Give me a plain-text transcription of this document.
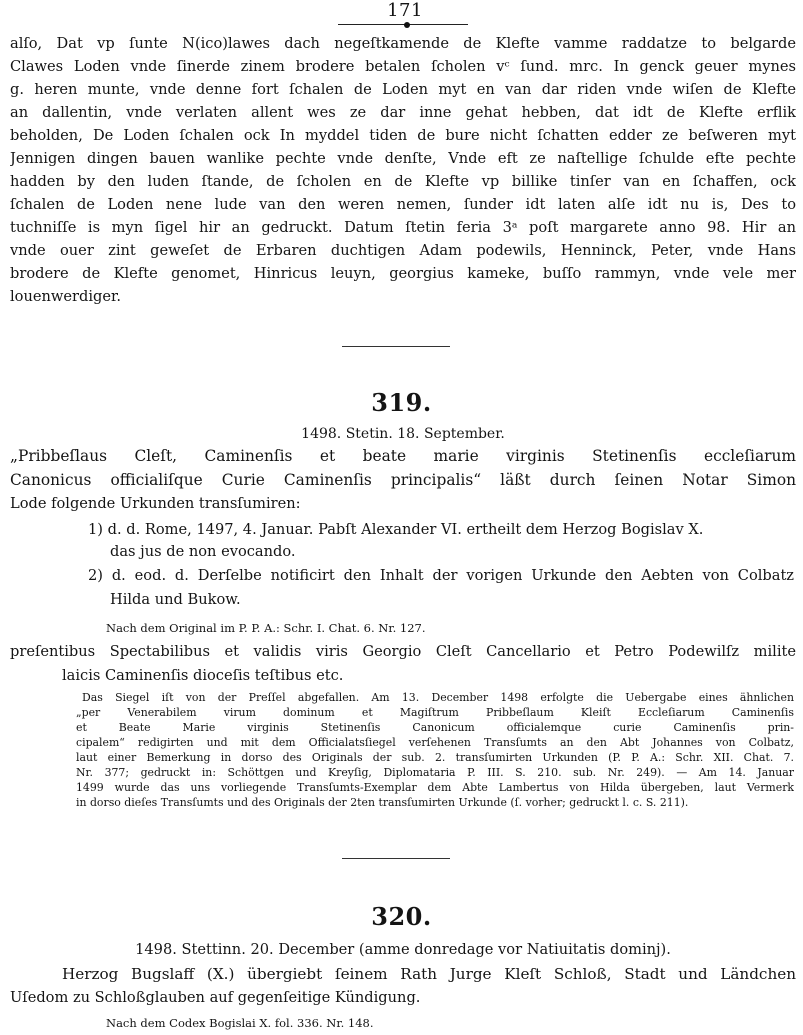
171
alſo, Dat vp ſunte N(ico)lawes dach negeſtkamende de Klefte vamme raddatze to belgarde
Clawes Loden vnde ſinerde zinem brodere betalen ſcholen vᶜ ſund. mrc. In genck geuer mynes
g. heren munte, vnde denne fort ſchalen de Loden myt en van dar riden vnde wiſen de Klefte
an dallentin, vnde verlaten allent wes ze dar inne gehat hebben, dat idt de Klefte erflik
beholden, De Loden ſchalen ock In myddel tiden de bure nicht ſchatten edder ze beſweren myt
Jennigen dingen bauen wanlike pechte vnde denſte, Vnde eft ze naſtellige ſchulde efte pechte
hadden by den luden ſtande, de ſcholen en de Klefte vp billike tinſer van en ſchaffen, ock
ſchalen de Loden nene lude van den weren nemen, ſunder idt laten alſe idt nu is, Des to
tuchniſſe is myn ſigel hir an gedruckt. Datum ſtetin feria 3ᵃ poſt margarete anno 98. Hir an
vnde ouer zint geweſet de Erbaren duchtigen Adam podewils, Henninck, Peter, vnde Hans
brodere de Klefte genomet, Hinricus leuyn, georgius kameke, buſſo rammyn, vnde vele mer
louenwerdiger.
319.
1498. Stetin. 18. September.
„Pribbeſlaus Cleſt, Caminenſis et beate marie virginis Stetinenſis eccleſiarum
Canonicus officialiſque Curie Caminenſis principalis“ läßt durch ſeinen Notar Simon
Lode folgende Urkunden transſumiren:
1) d. d. Rome, 1497, 4. Januar. Pabſt Alexander VI. ertheilt dem Herzog Bogislav X.
das jus de non evocando.
2) d. eod. d. Derſelbe notificirt den Inhalt der vorigen Urkunde den Aebten von Colbatz
Hilda und Bukow.
Nach dem Original im P. P. A.: Schr. I. Chat. 6. Nr. 127.
preſentibus Spectabilibus et validis viris Georgio Cleſt Cancellario et Petro Podewilſz milite
laicis Caminenſis dioceſis teſtibus etc.
Das Siegel iſt von der Preſſel abgefallen. Am 13. December 1498 erfolgte die Uebergabe eines ähnlichen
„per Venerabilem virum dominum et Magiſtrum Pribbeſlaum Kleiſt Eccleſiarum Caminenſis
et Beate Marie virginis Stetinenſis Canonicum officialemque curie Caminenſis prin-
cipalem“ redigirten und mit dem Officialatsſiegel verſehenen Transſumts an den Abt Johannes von Colbatz,
laut einer Bemerkung in dorso des Originals der sub. 2. transſumirten Urkunden (P. P. A.: Schr. XII. Chat. 7.
Nr. 377; gedruckt in: Schöttgen und Kreyſig, Diplomataria P. III. S. 210. sub. Nr. 249). — Am 14. Januar
1499 wurde das uns vorliegende Transſumts-Exemplar dem Abte Lambertus von Hilda übergeben, laut Vermerk
in dorso dieſes Transſumts und des Originals der 2ten transſumirten Urkunde (ſ. vorher; gedruckt l. c. S. 211).
320.
1498. Stettinn. 20. December (amme donredage vor Natiuitatis dominj).
Herzog Bugslaff (X.) übergiebt ſeinem Rath Jurge Kleſt Schloß, Stadt und Ländchen
Uſedom zu Schloßglauben auf gegenſeitige Kündigung.
Nach dem Codex Bogislai X. fol. 336. Nr. 148.
